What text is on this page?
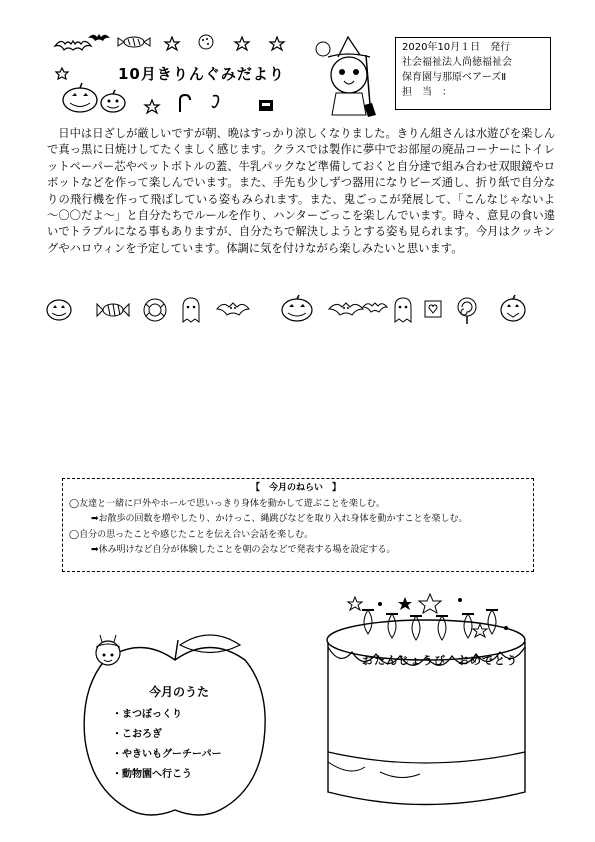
10月きりんぐみだより
2020年10月１日　発行
社会福祉法人尚徳福祉会
保育園与那原ベアーズⅡ
担　当　：

日中は日ざしが厳しいですが朝、晩はすっかり涼しくなりました。きりん組さんは水遊びを楽しんで真っ黒に日焼けしてたくましく感じます。クラスでは製作に夢中でお部屋の廃品コーナーにトイレットペーパー芯やペットボトルの蓋、牛乳パックなど準備しておくと自分達で組み合わせ双眼鏡やロボットなどを作って楽しんでいます。また、手先も少しずつ器用になりビーズ通し、折り紙で自分なりの飛行機を作って飛ばしている姿もみられます。また、鬼ごっこが発展して、「こんなじゃないよ～〇〇だよ～」と自分たちでルールを作り、ハンターごっこを楽しんでいます。時々、意見の食い違いでトラブルになる事もありますが、自分たちで解決しようとする姿も見られます。今月はクッキングやハロウィンを予定しています。体調に気を付けながら楽しみたいと思います。

【　今月のねらい　】
◯友達と一緒に戸外やホールで思いっきり身体を動かして遊ぶことを楽しむ。
➡お散歩の回数を増やしたり、かけっこ、縄跳びなどを取り入れ身体を動かすことを楽しむ。
◯自分の思ったことや感じたことを伝え合い会話を楽しむ。
➡休み明けなど自分が体験したことを朝の会などで発表する場を設定する。
今月のうた
・まつぼっくり
・こおろぎ
・やきいもグーチーパー
・動物園へ行こう
おたんじょうび　おめでとう
